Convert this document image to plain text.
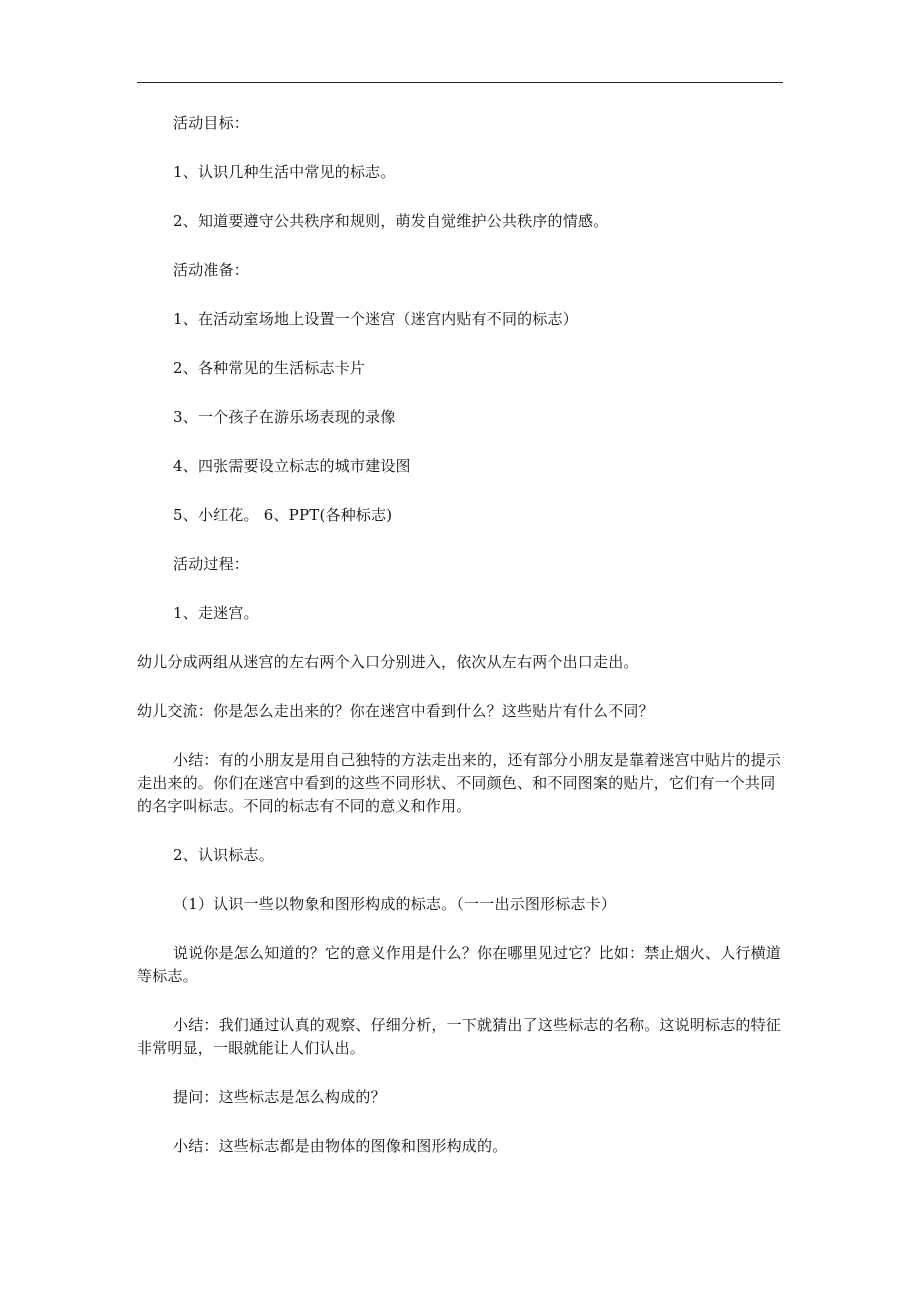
活动目标：

1、认识几种生活中常见的标志。

2、知道要遵守公共秩序和规则，萌发自觉维护公共秩序的情感。

活动准备：

1、在活动室场地上设置一个迷宫（迷宫内贴有不同的标志）

2、各种常见的生活标志卡片

3、一个孩子在游乐场表现的录像

4、四张需要设立标志的城市建设图

5、小红花。 6、PPT(各种标志)

活动过程：

1、走迷宫。

幼儿分成两组从迷宫的左右两个入口分别进入，依次从左右两个出口走出。

幼儿交流：你是怎么走出来的？你在迷宫中看到什么？这些贴片有什么不同？

小结：有的小朋友是用自己独特的方法走出来的，还有部分小朋友是靠着迷宫中贴片的提示走出来的。你们在迷宫中看到的这些不同形状、不同颜色、和不同图案的贴片，它们有一个共同的名字叫标志。不同的标志有不同的意义和作用。

2、认识标志。

（1）认识一些以物象和图形构成的标志。（一一出示图形标志卡）

说说你是怎么知道的？它的意义作用是什么？你在哪里见过它？比如：禁止烟火、人行横道等标志。

小结：我们通过认真的观察、仔细分析，一下就猜出了这些标志的名称。这说明标志的特征非常明显，一眼就能让人们认出。

提问：这些标志是怎么构成的？

小结：这些标志都是由物体的图像和图形构成的。
